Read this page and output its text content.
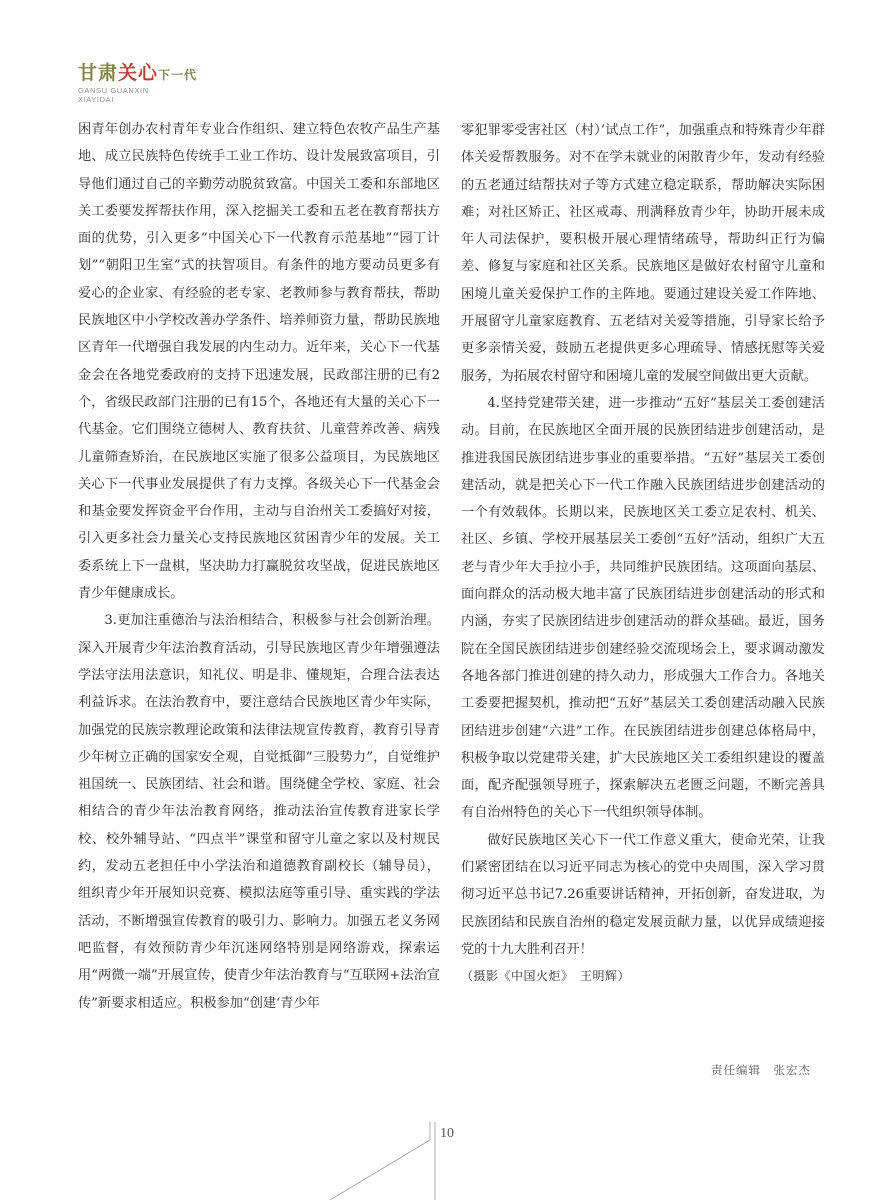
甘肃关心下一代
GANSU GUANXIN
XIAYIDAI

困青年创办农村青年专业合作组织、建立特色农牧产品生产基地、成立民族特色传统手工业工作坊、设计发展致富项目，引导他们通过自己的辛勤劳动脱贫致富。中国关工委和东部地区关工委要发挥帮扶作用，深入挖掘关工委和五老在教育帮扶方面的优势，引入更多“中国关心下一代教育示范基地”“园丁计划”“朝阳卫生室”式的扶智项目。有条件的地方要动员更多有爱心的企业家、有经验的老专家、老教师参与教育帮扶，帮助民族地区中小学校改善办学条件、培养师资力量，帮助民族地区青年一代增强自我发展的内生动力。近年来，关心下一代基金会在各地党委政府的支持下迅速发展，民政部注册的已有2个，省级民政部门注册的已有15个，各地还有大量的关心下一代基金。它们围绕立德树人、教育扶贫、儿童营养改善、病残儿童筛查矫治，在民族地区实施了很多公益项目，为民族地区关心下一代事业发展提供了有力支撑。各级关心下一代基金会和基金要发挥资金平台作用，主动与自治州关工委搞好对接，引入更多社会力量关心支持民族地区贫困青少年的发展。关工委系统上下一盘棋，坚决助力打赢脱贫攻坚战，促进民族地区青少年健康成长。

3.更加注重德治与法治相结合，积极参与社会创新治理。深入开展青少年法治教育活动，引导民族地区青少年增强遵法学法守法用法意识，知礼仪、明是非、懂规矩，合理合法表达利益诉求。在法治教育中，要注意结合民族地区青少年实际，加强党的民族宗教理论政策和法律法规宣传教育，教育引导青少年树立正确的国家安全观，自觉抵御“三股势力”，自觉维护祖国统一、民族团结、社会和谐。围绕健全学校、家庭、社会相结合的青少年法治教育网络，推动法治宣传教育进家长学校、校外辅导站、“四点半”课堂和留守儿童之家以及村规民约，发动五老担任中小学法治和道德教育副校长（辅导员），组织青少年开展知识竞赛、模拟法庭等重引导、重实践的学法活动，不断增强宣传教育的吸引力、影响力。加强五老义务网吧监督，有效预防青少年沉迷网络特别是网络游戏，探索运用“两微一端”开展宣传，使青少年法治教育与“互联网+法治宣传”新要求相适应。积极参加“创建‘青少年

零犯罪零受害社区（村）’试点工作”，加强重点和特殊青少年群体关爱帮教服务。对不在学未就业的闲散青少年，发动有经验的五老通过结帮扶对子等方式建立稳定联系，帮助解决实际困难；对社区矫正、社区戒毒、刑满释放青少年，协助开展未成年人司法保护，要积极开展心理情绪疏导，帮助纠正行为偏差、修复与家庭和社区关系。民族地区是做好农村留守儿童和困境儿童关爱保护工作的主阵地。要通过建设关爱工作阵地、开展留守儿童家庭教育、五老结对关爱等措施，引导家长给予更多亲情关爱，鼓励五老提供更多心理疏导、情感抚慰等关爱服务，为拓展农村留守和困境儿童的发展空间做出更大贡献。

4.坚持党建带关建，进一步推动“五好”基层关工委创建活动。目前，在民族地区全面开展的民族团结进步创建活动，是推进我国民族团结进步事业的重要举措。“五好”基层关工委创建活动，就是把关心下一代工作融入民族团结进步创建活动的一个有效载体。长期以来，民族地区关工委立足农村、机关、社区、乡镇、学校开展基层关工委创“五好”活动，组织广大五老与青少年大手拉小手，共同维护民族团结。这项面向基层、面向群众的活动极大地丰富了民族团结进步创建活动的形式和内涵，夯实了民族团结进步创建活动的群众基础。最近，国务院在全国民族团结进步创建经验交流现场会上，要求调动激发各地各部门推进创建的持久动力，形成强大工作合力。各地关工委要把握契机，推动把“五好”基层关工委创建活动融入民族团结进步创建“六进”工作。在民族团结进步创建总体格局中，积极争取以党建带关建，扩大民族地区关工委组织建设的覆盖面，配齐配强领导班子，探索解决五老匮乏问题，不断完善具有自治州特色的关心下一代组织领导体制。

做好民族地区关心下一代工作意义重大，使命光荣，让我们紧密团结在以习近平同志为核心的党中央周围，深入学习贯彻习近平总书记7.26重要讲话精神，开拓创新，奋发进取，为民族团结和民族自治州的稳定发展贡献力量，以优异成绩迎接党的十九大胜利召开！

（摄影《中国火炬》　王明辉）

责任编辑　张宏杰
10
